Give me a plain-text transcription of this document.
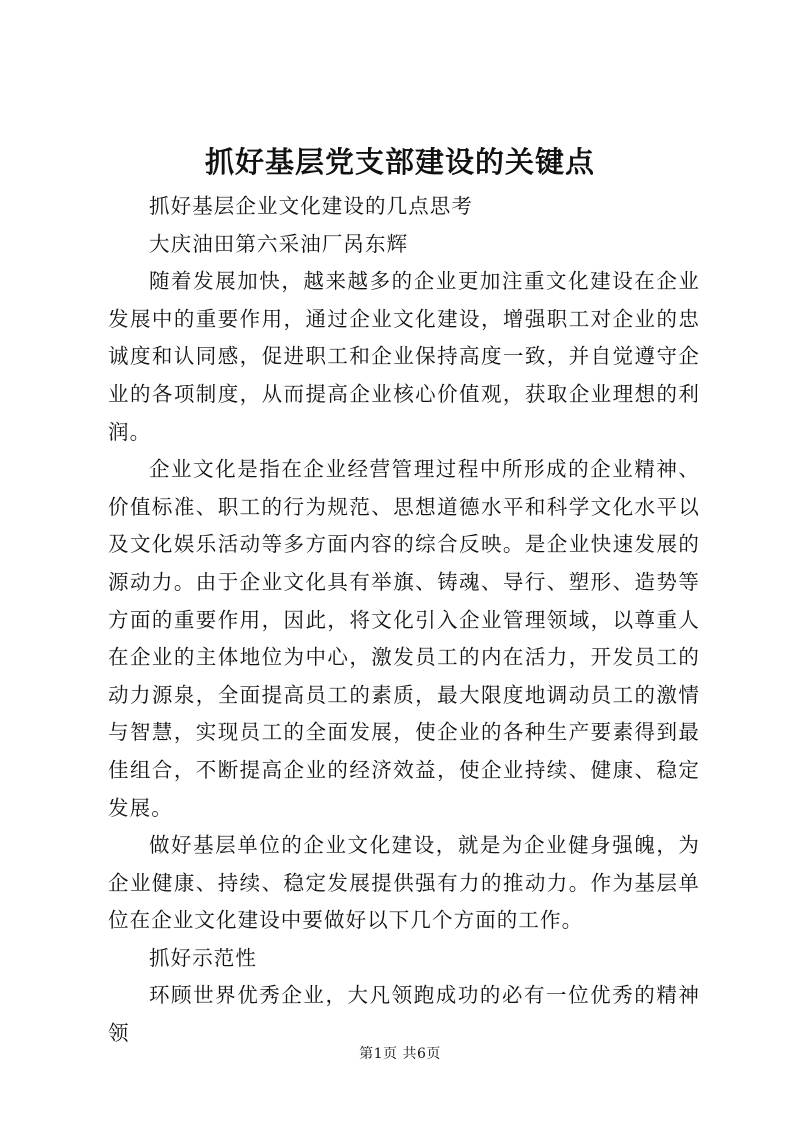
抓好基层党支部建设的关键点

抓好基层企业文化建设的几点思考

大庆油田第六采油厂呙东辉

随着发展加快，越来越多的企业更加注重文化建设在企业发展中的重要作用，通过企业文化建设，增强职工对企业的忠诚度和认同感，促进职工和企业保持高度一致，并自觉遵守企业的各项制度，从而提高企业核心价值观，获取企业理想的利润。

企业文化是指在企业经营管理过程中所形成的企业精神、价值标准、职工的行为规范、思想道德水平和科学文化水平以及文化娱乐活动等多方面内容的综合反映。是企业快速发展的源动力。由于企业文化具有举旗、铸魂、导行、塑形、造势等方面的重要作用，因此，将文化引入企业管理领域，以尊重人在企业的主体地位为中心，激发员工的内在活力，开发员工的动力源泉，全面提高员工的素质，最大限度地调动员工的激情与智慧，实现员工的全面发展，使企业的各种生产要素得到最佳组合，不断提高企业的经济效益，使企业持续、健康、稳定发展。

做好基层单位的企业文化建设，就是为企业健身强魄，为企业健康、持续、稳定发展提供强有力的推动力。作为基层单位在企业文化建设中要做好以下几个方面的工作。

抓好示范性

环顾世界优秀企业，大凡领跑成功的必有一位优秀的精神领

第1页 共6页
